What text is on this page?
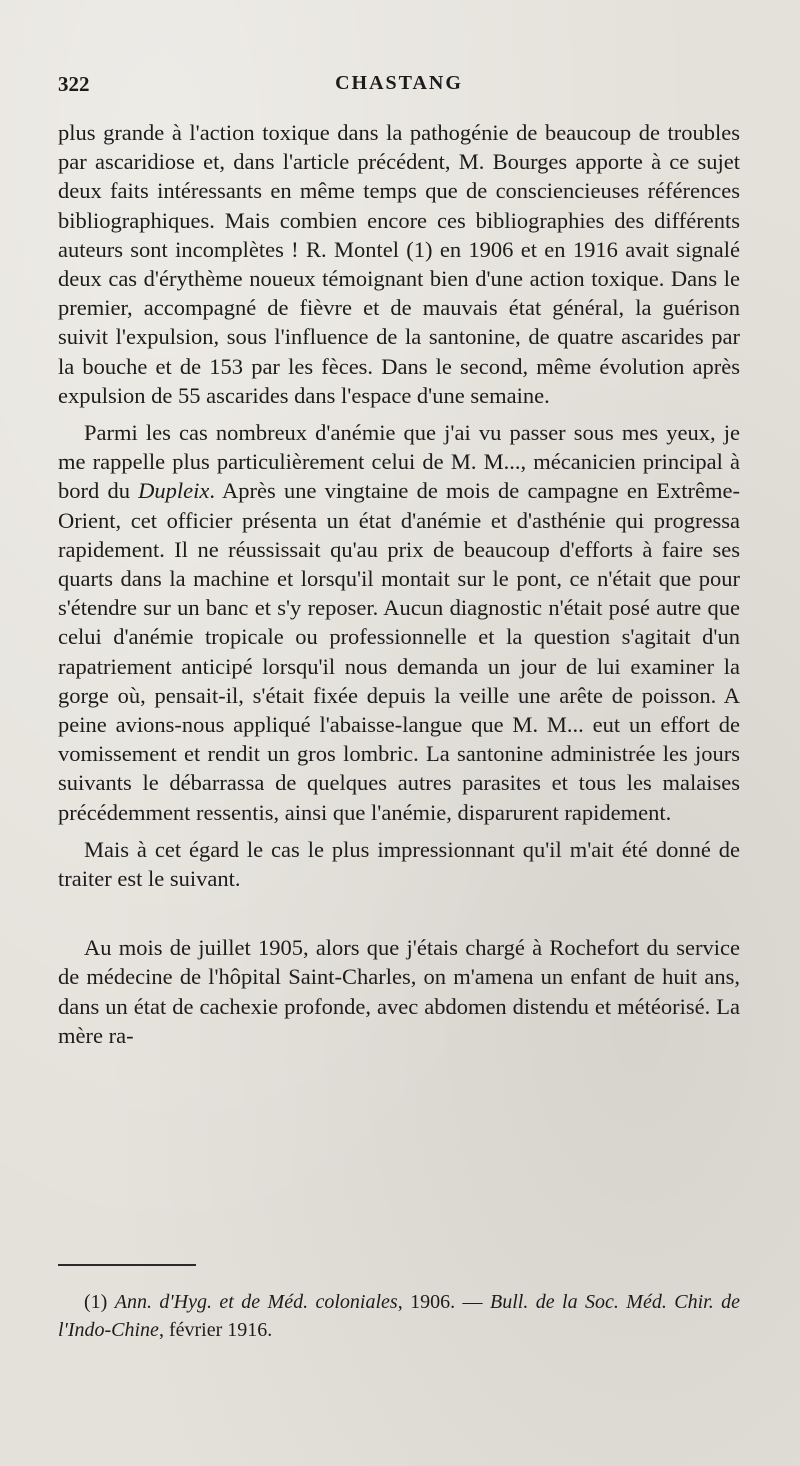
322	CHASTANG

plus grande à l'action toxique dans la pathogénie de beaucoup de troubles par ascaridiose et, dans l'article précédent, M. Bourges apporte à ce sujet deux faits intéressants en même temps que de consciencieuses références bibliographiques. Mais combien encore ces bibliographies des différents auteurs sont incomplètes ! R. Montel (1) en 1906 et en 1916 avait signalé deux cas d'érythème noueux témoignant bien d'une action toxique. Dans le premier, accompagné de fièvre et de mauvais état général, la guérison suivit l'expulsion, sous l'influence de la santonine, de quatre ascarides par la bouche et de 153 par les fèces. Dans le second, même évolution après expulsion de 55 ascarides dans l'espace d'une semaine.

Parmi les cas nombreux d'anémie que j'ai vu passer sous mes yeux, je me rappelle plus particulièrement celui de M. M..., mécanicien principal à bord du Dupleix. Après une vingtaine de mois de campagne en Extrême-Orient, cet officier présenta un état d'anémie et d'asthénie qui progressa rapidement. Il ne réussissait qu'au prix de beaucoup d'efforts à faire ses quarts dans la machine et lorsqu'il montait sur le pont, ce n'était que pour s'étendre sur un banc et s'y reposer. Aucun diagnostic n'était posé autre que celui d'anémie tropicale ou professionnelle et la question s'agitait d'un rapatriement anticipé lorsqu'il nous demanda un jour de lui examiner la gorge où, pensait-il, s'était fixée depuis la veille une arête de poisson. A peine avions-nous appliqué l'abaisse-langue que M. M... eut un effort de vomissement et rendit un gros lombric. La santonine administrée les jours suivants le débarrassa de quelques autres parasites et tous les malaises précédemment ressentis, ainsi que l'anémie, disparurent rapidement.

Mais à cet égard le cas le plus impressionnant qu'il m'ait été donné de traiter est le suivant.

Au mois de juillet 1905, alors que j'étais chargé à Rochefort du service de médecine de l'hôpital Saint-Charles, on m'amena un enfant de huit ans, dans un état de cachexie profonde, avec abdomen distendu et météorisé. La mère ra-

(1) Ann. d'Hyg. et de Méd. coloniales, 1906. — Bull. de la Soc. Méd. Chir. de l'Indo-Chine, février 1916.
